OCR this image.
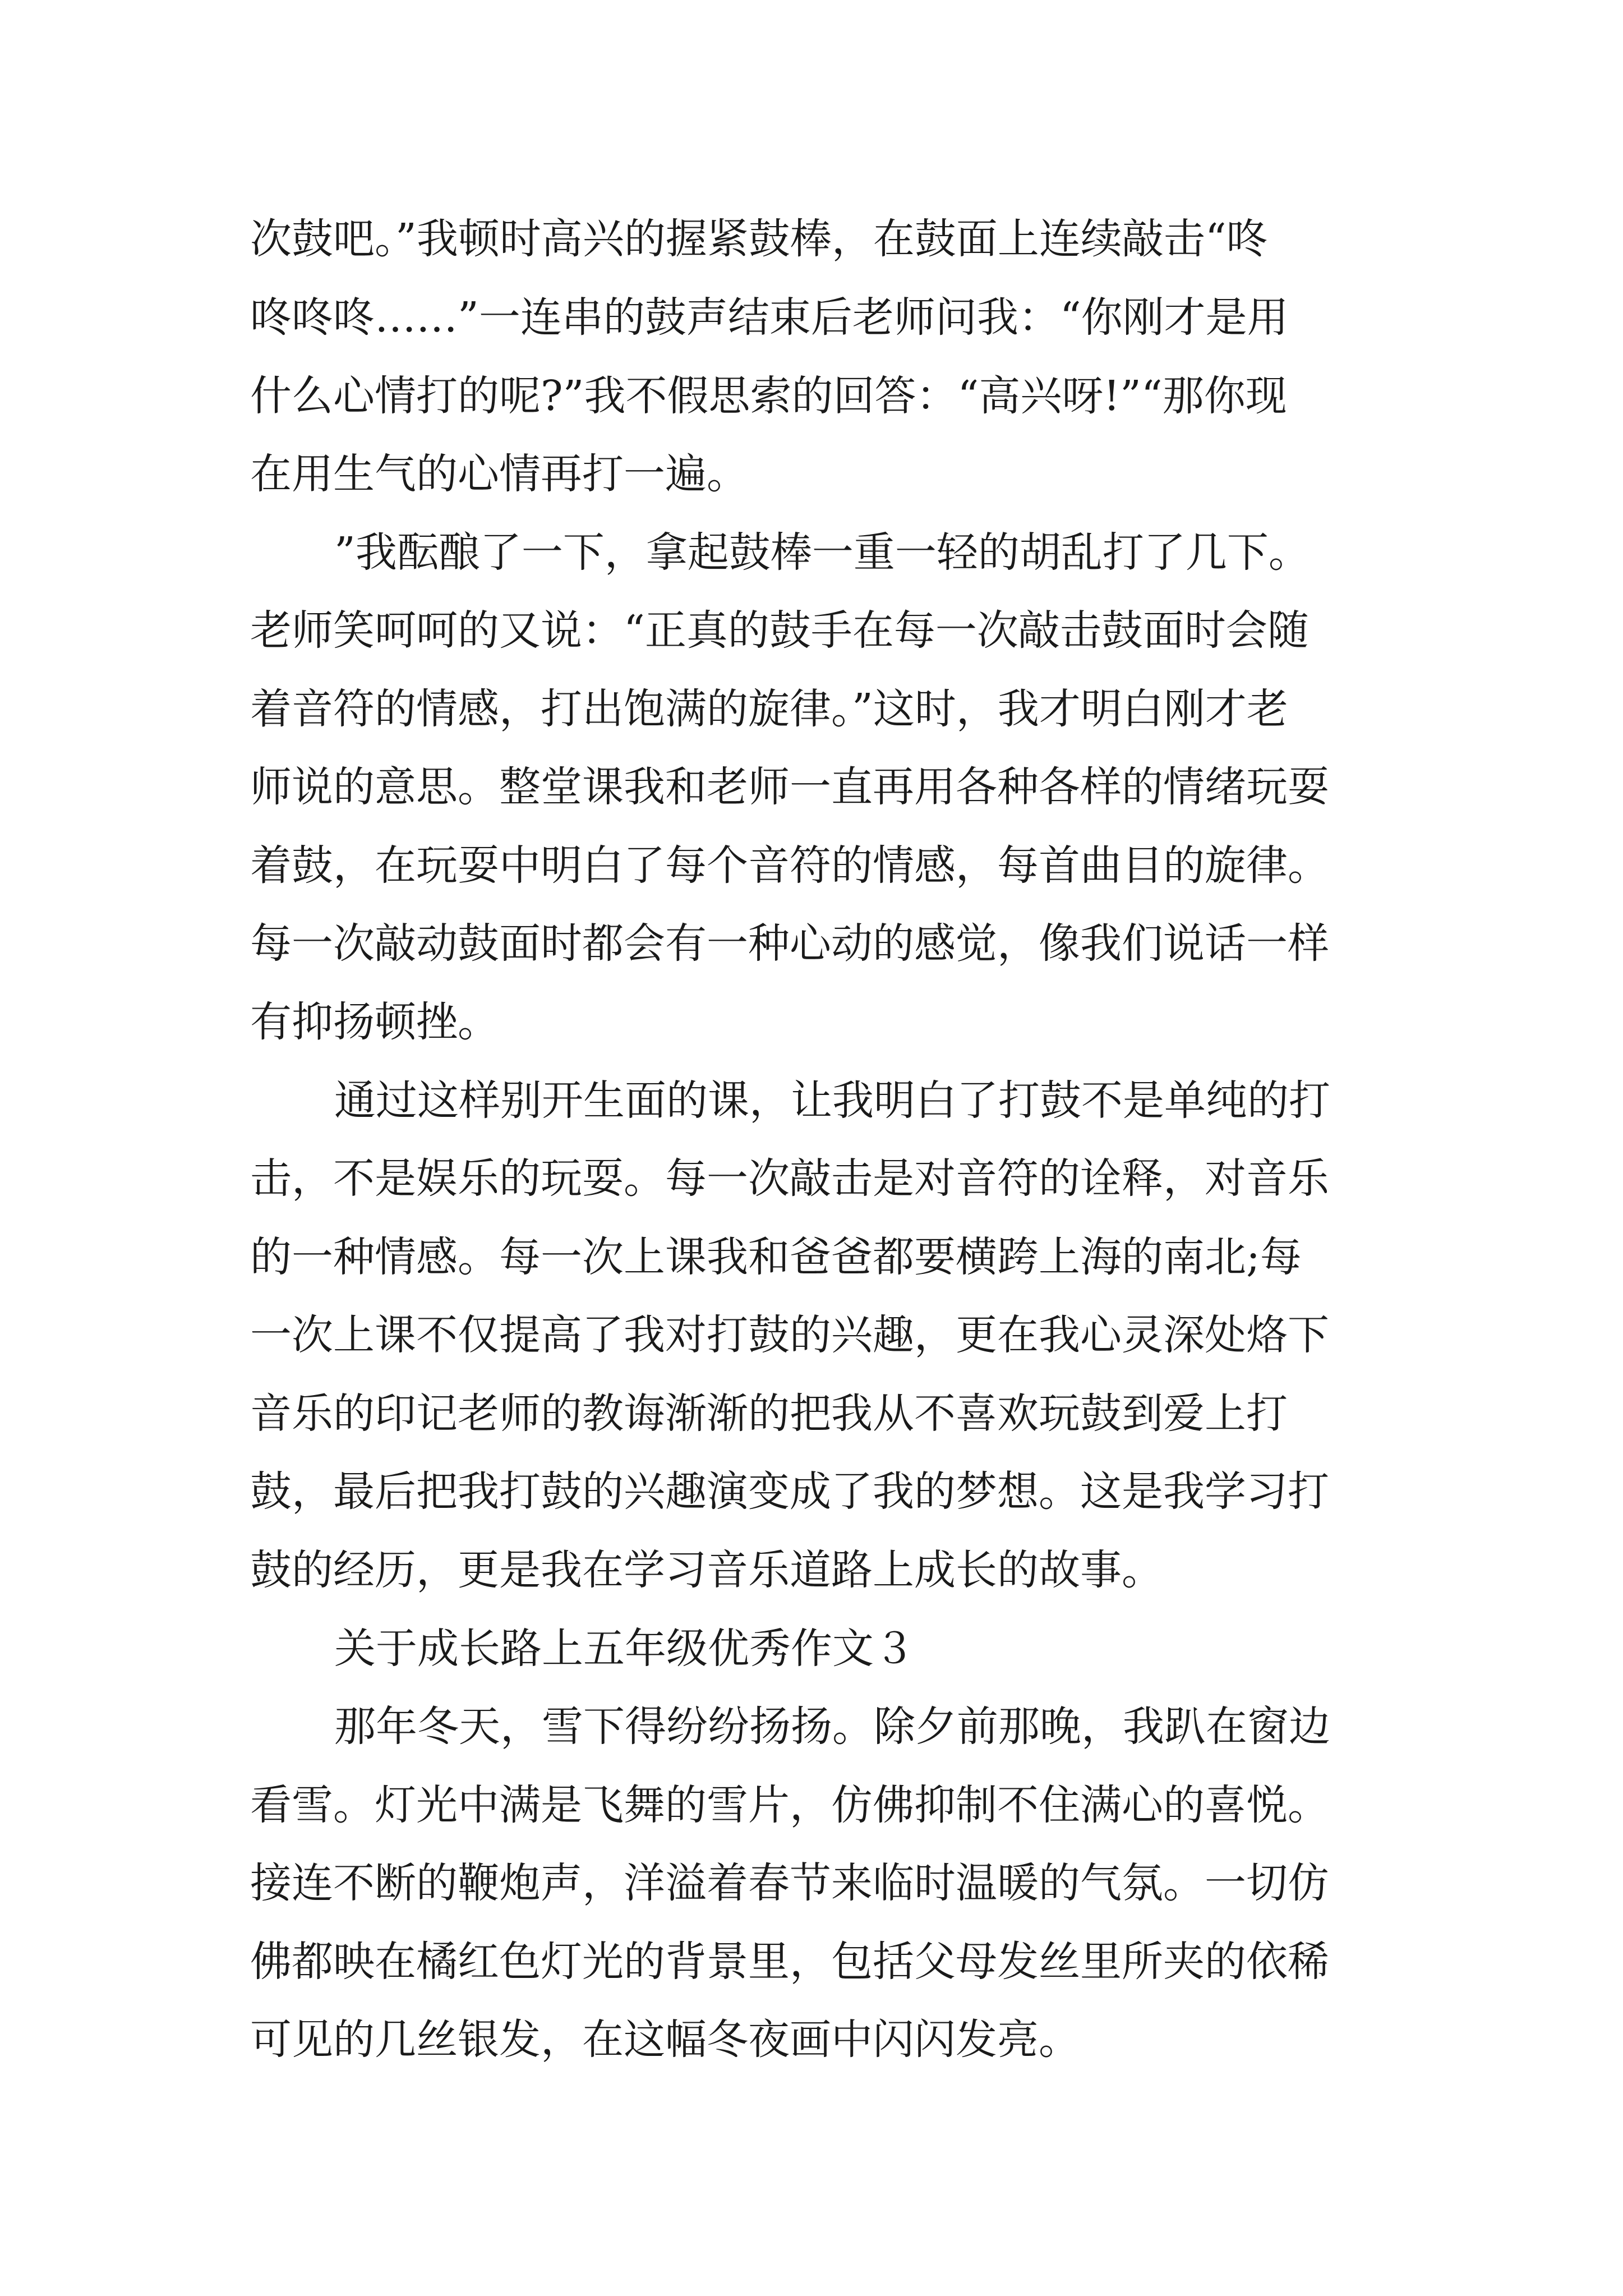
次鼓吧。”我顿时高兴的握紧鼓棒，在鼓面上连续敲击“咚
咚咚咚……”一连串的鼓声结束后老师问我：“你刚才是用
什么心情打的呢?”我不假思索的回答：“高兴呀!”“那你现
在用生气的心情再打一遍。
”我酝酿了一下，拿起鼓棒一重一轻的胡乱打了几下。
老师笑呵呵的又说：“正真的鼓手在每一次敲击鼓面时会随
着音符的情感，打出饱满的旋律。”这时，我才明白刚才老
师说的意思。整堂课我和老师一直再用各种各样的情绪玩耍
着鼓，在玩耍中明白了每个音符的情感，每首曲目的旋律。
每一次敲动鼓面时都会有一种心动的感觉，像我们说话一样
有抑扬顿挫。
通过这样别开生面的课，让我明白了打鼓不是单纯的打
击，不是娱乐的玩耍。每一次敲击是对音符的诠释，对音乐
的一种情感。每一次上课我和爸爸都要横跨上海的南北;每
一次上课不仅提高了我对打鼓的兴趣，更在我心灵深处烙下
音乐的印记老师的教诲渐渐的把我从不喜欢玩鼓到爱上打
鼓，最后把我打鼓的兴趣演变成了我的梦想。这是我学习打
鼓的经历，更是我在学习音乐道路上成长的故事。
关于成长路上五年级优秀作文３
那年冬天，雪下得纷纷扬扬。除夕前那晚，我趴在窗边
看雪。灯光中满是飞舞的雪片，仿佛抑制不住满心的喜悦。
接连不断的鞭炮声，洋溢着春节来临时温暖的气氛。一切仿
佛都映在橘红色灯光的背景里，包括父母发丝里所夹的依稀
可见的几丝银发，在这幅冬夜画中闪闪发亮。
